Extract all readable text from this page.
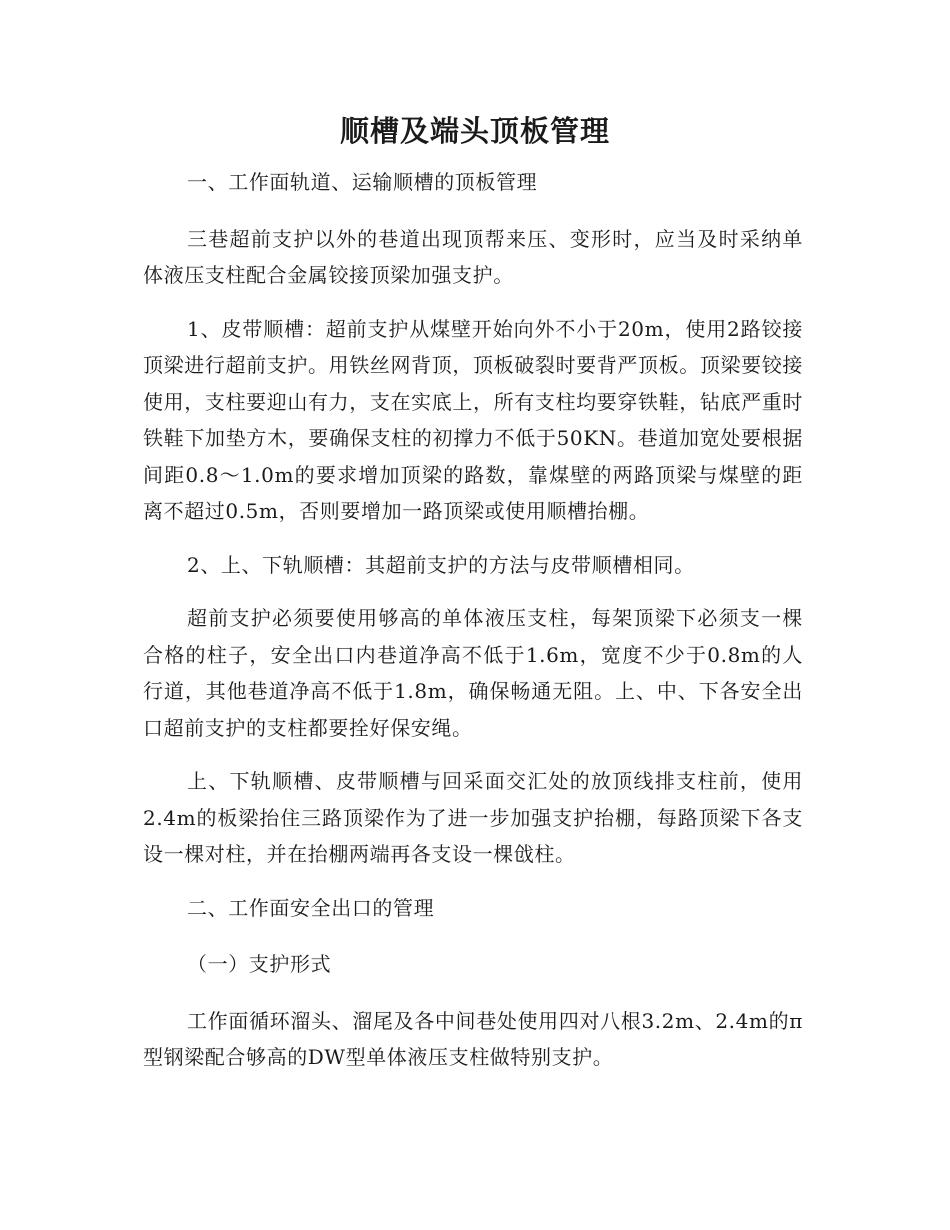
顺槽及端头顶板管理

一、工作面轨道、运输顺槽的顶板管理

三巷超前支护以外的巷道出现顶帮来压、变形时，应当及时采纳单体液压支柱配合金属铰接顶梁加强支护。

1、皮带顺槽：超前支护从煤壁开始向外不小于20m，使用2路铰接顶梁进行超前支护。用铁丝网背顶，顶板破裂时要背严顶板。顶梁要铰接使用，支柱要迎山有力，支在实底上，所有支柱均要穿铁鞋，钻底严重时铁鞋下加垫方木，要确保支柱的初撑力不低于50KN。巷道加宽处要根据间距0.8～1.0m的要求增加顶梁的路数，靠煤壁的两路顶梁与煤壁的距离不超过0.5m，否则要增加一路顶梁或使用顺槽抬棚。

2、上、下轨顺槽：其超前支护的方法与皮带顺槽相同。

超前支护必须要使用够高的单体液压支柱，每架顶梁下必须支一棵合格的柱子，安全出口内巷道净高不低于1.6m，宽度不少于0.8m的人行道，其他巷道净高不低于1.8m，确保畅通无阻。上、中、下各安全出口超前支护的支柱都要拴好保安绳。

上、下轨顺槽、皮带顺槽与回采面交汇处的放顶线排支柱前，使用2.4m的板梁抬住三路顶梁作为了进一步加强支护抬棚，每路顶梁下各支设一棵对柱，并在抬棚两端再各支设一棵戗柱。

二、工作面安全出口的管理

（一）支护形式

工作面循环溜头、溜尾及各中间巷处使用四对八根3.2m、2.4m的π型钢梁配合够高的DW型单体液压支柱做特别支护。
